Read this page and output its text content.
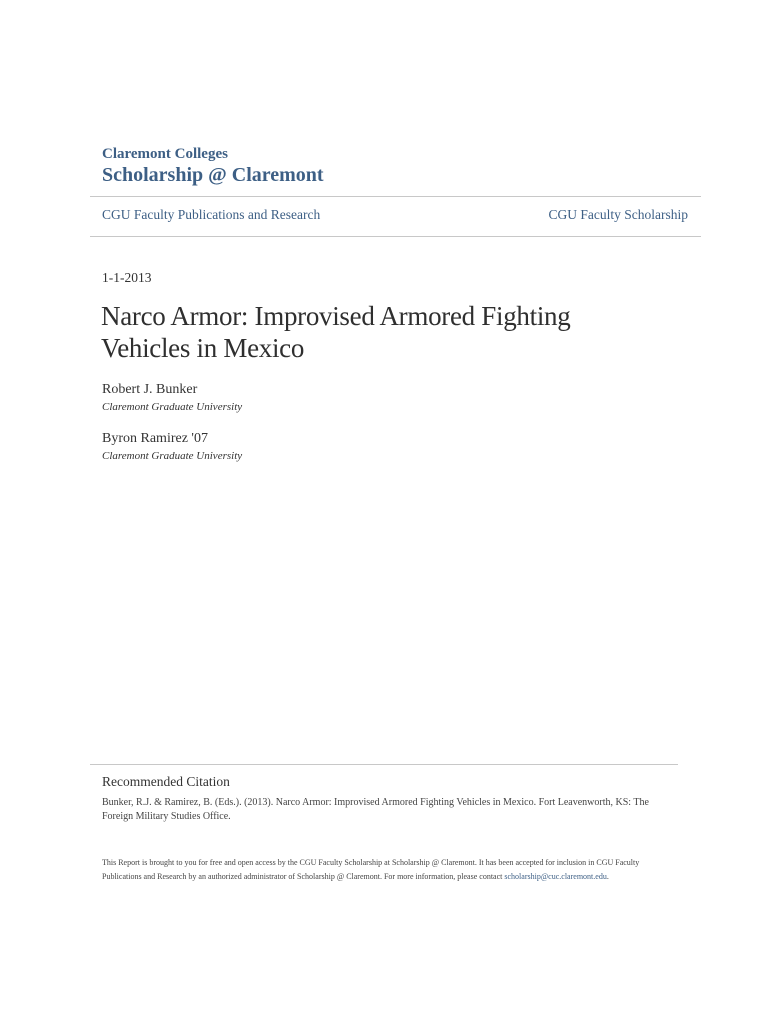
Claremont Colleges
Scholarship @ Claremont
CGU Faculty Publications and Research	CGU Faculty Scholarship
1-1-2013
Narco Armor: Improvised Armored Fighting Vehicles in Mexico
Robert J. Bunker
Claremont Graduate University
Byron Ramirez '07
Claremont Graduate University
Recommended Citation
Bunker, R.J. & Ramirez, B. (Eds.). (2013). Narco Armor: Improvised Armored Fighting Vehicles in Mexico. Fort Leavenworth, KS: The Foreign Military Studies Office.
This Report is brought to you for free and open access by the CGU Faculty Scholarship at Scholarship @ Claremont. It has been accepted for inclusion in CGU Faculty Publications and Research by an authorized administrator of Scholarship @ Claremont. For more information, please contact scholarship@cuc.claremont.edu.
